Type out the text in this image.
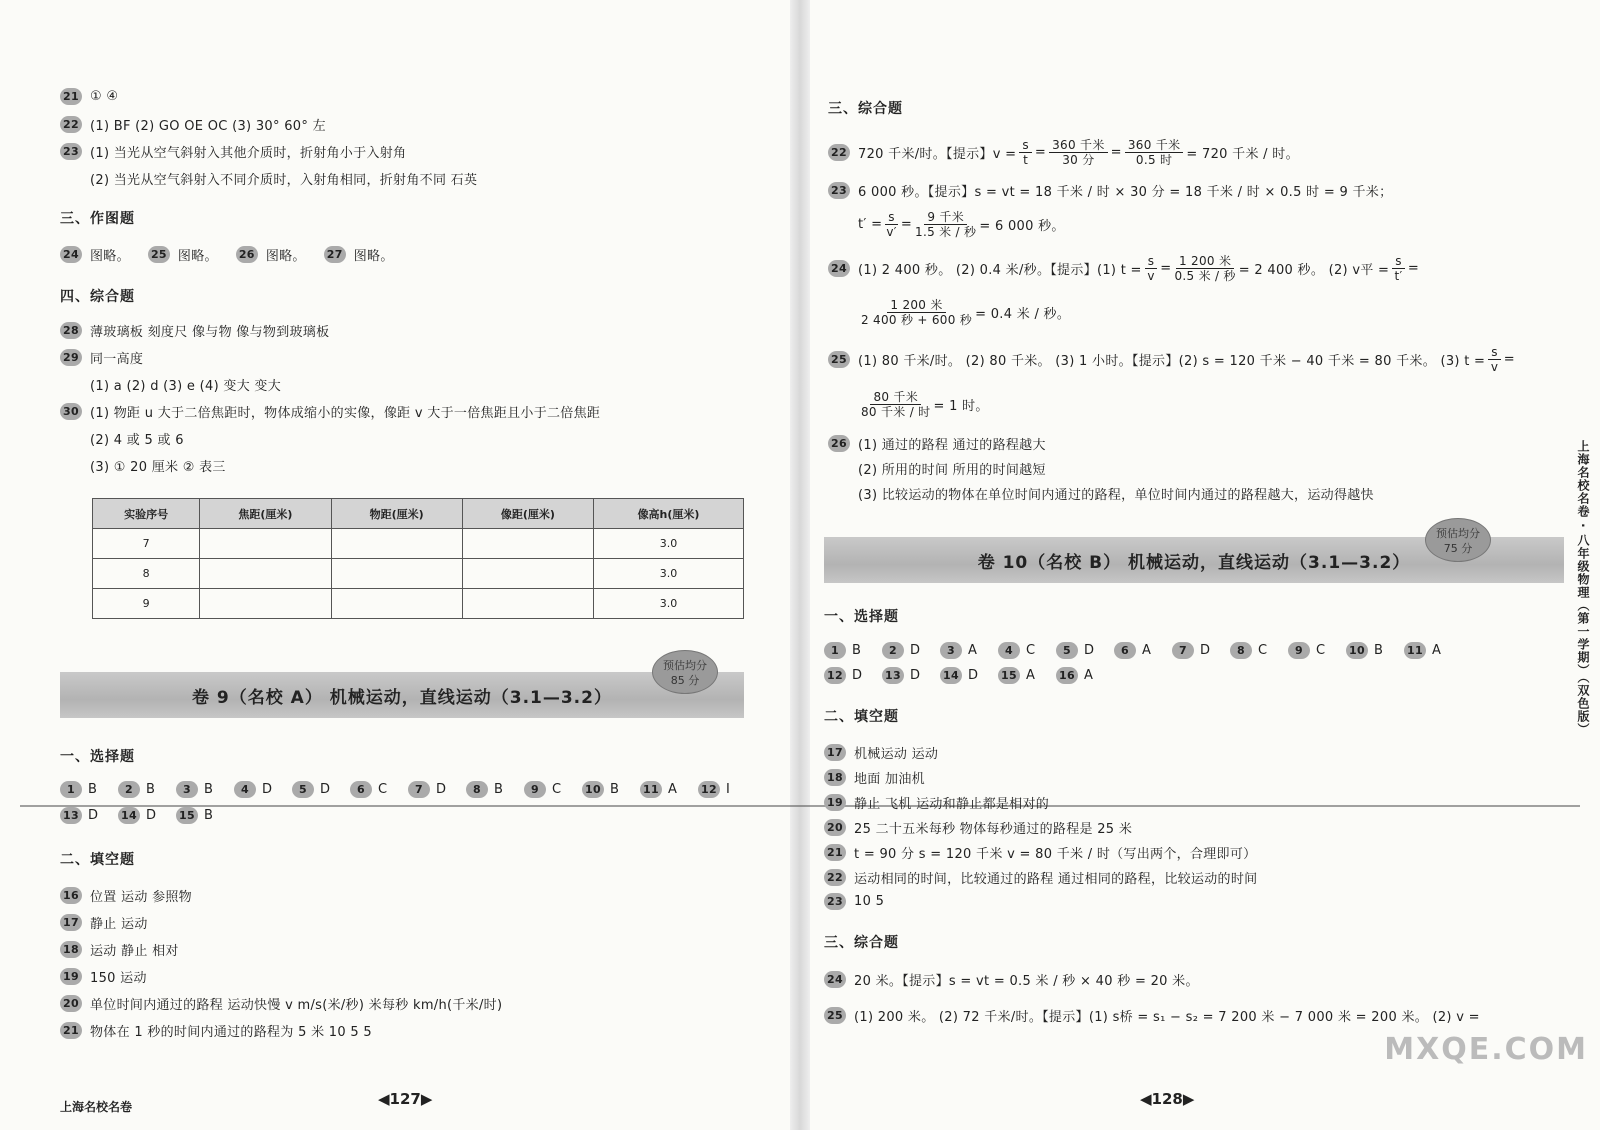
21 ① ④
22 (1) BF (2) GO OE OC (3) 30° 60° 左
23 (1) 当光从空气斜射入其他介质时，折射角小于入射角
(2) 当光从空气斜射入不同介质时，入射角相同，折射角不同 石英
三、作图题
24 图略。 25 图略。 26 图略。 27 图略。
四、综合题
28 薄玻璃板 刻度尺 像与物 像与物到玻璃板
29 同一高度
(1) a (2) d (3) e (4) 变大 变大
30 (1) 物距 u 大于二倍焦距时，物体成缩小的实像，像距 v 大于一倍焦距且小于二倍焦距
(2) 4 或 5 或 6
(3) ① 20 厘米 ② 表三
实验序号	焦距(厘米)	物距(厘米)	像距(厘米)	像高h(厘米)
7				3.0
8				3.0
9				3.0
卷 9（名校 A） 机械运动，直线运动（3.1—3.2）
预估均分
85 分
一、选择题
1	B	2	B	3	B	4	D	5	D	6	C	7	D	8	B	9	C	10 B	11 A	12 I
13 D	14 D	15 B
二、填空题
16 位置 运动 参照物
17 静止 运动
18 运动 静止 相对
19 150 运动
20 单位时间内通过的路程 运动快慢 v m/s(米/秒) 米每秒 km/h(千米/时)
21 物体在 1 秒的时间内通过的路程为 5 米 10 5 5
上海名校名卷	◀127▶
三、综合题
22 720 千米/时。【提示】$v = \frac{s}{t} = \frac{\text{360 千米}}{\text{30 分}} = \frac{\text{360 千米}}{\text{0.5 时}} = 720$ 千米 / 时。
23 6 000 秒。【提示】s = vt = 18 千米 / 时 × 30 分 = 18 千米 / 时 × 0.5 时 = 9 千米；
$t' = \frac{s}{v'} = \frac{\text{9 千米}}{\text{1.5 米 / 秒}} = 6$ 000 秒。
24 (1) 2 400 秒。 (2) 0.4 米/秒。【提示】(1) $t = \frac{s}{v} = \frac{\text{1 200 米}}{\text{0.5 米 / 秒}} = 2$ 400 秒。 (2) v平 = $\frac{s}{t'}$ =
$\frac{\text{1 200 米}}{\text{2 400 秒 + 600 秒}} = 0.4$ 米 / 秒。
25 (1) 80 千米/时。 (2) 80 千米。 (3) 1 小时。【提示】(2) s = 120 千米 − 40 千米 = 80 千米。 (3) $t = \frac{s}{v}$ =
$\frac{\text{80 千米}}{\text{80 千米 / 时}} = 1$ 时。
26 (1) 通过的路程 通过的路程越大
(2) 所用的时间 所用的时间越短
(3) 比较运动的物体在单位时间内通过的路程，单位时间内通过的路程越大，运动得越快
卷 10（名校 B） 机械运动，直线运动（3.1—3.2）
预估均分
75 分
一、选择题
1	B	2	D	3	A	4	C	5	D	6	A	7	D	8	C	9	C	10 B	11 A
12 D	13 D	14 D	15 A	16 A
二、填空题
17 机械运动 运动
18 地面 加油机
19 静止 飞机 运动和静止都是相对的
20 25 二十五米每秒 物体每秒通过的路程是 25 米
21 t = 90 分 s = 120 千米 v = 80 千米 / 时（写出两个，合理即可）
22 运动相同的时间，比较通过的路程 通过相同的路程，比较运动的时间
23 10 5
三、综合题
24 20 米。【提示】s = vt = 0.5 米 / 秒 × 40 秒 = 20 米。
25 (1) 200 米。 (2) 72 千米/时。【提示】(1) s桥 = s₁ − s₂ = 7 200 米 − 7 000 米 = 200 米。 (2) v =
上海名校名卷 · 八年级物理（第一学期）（双色版）
◀128▶
MXQE.COM
